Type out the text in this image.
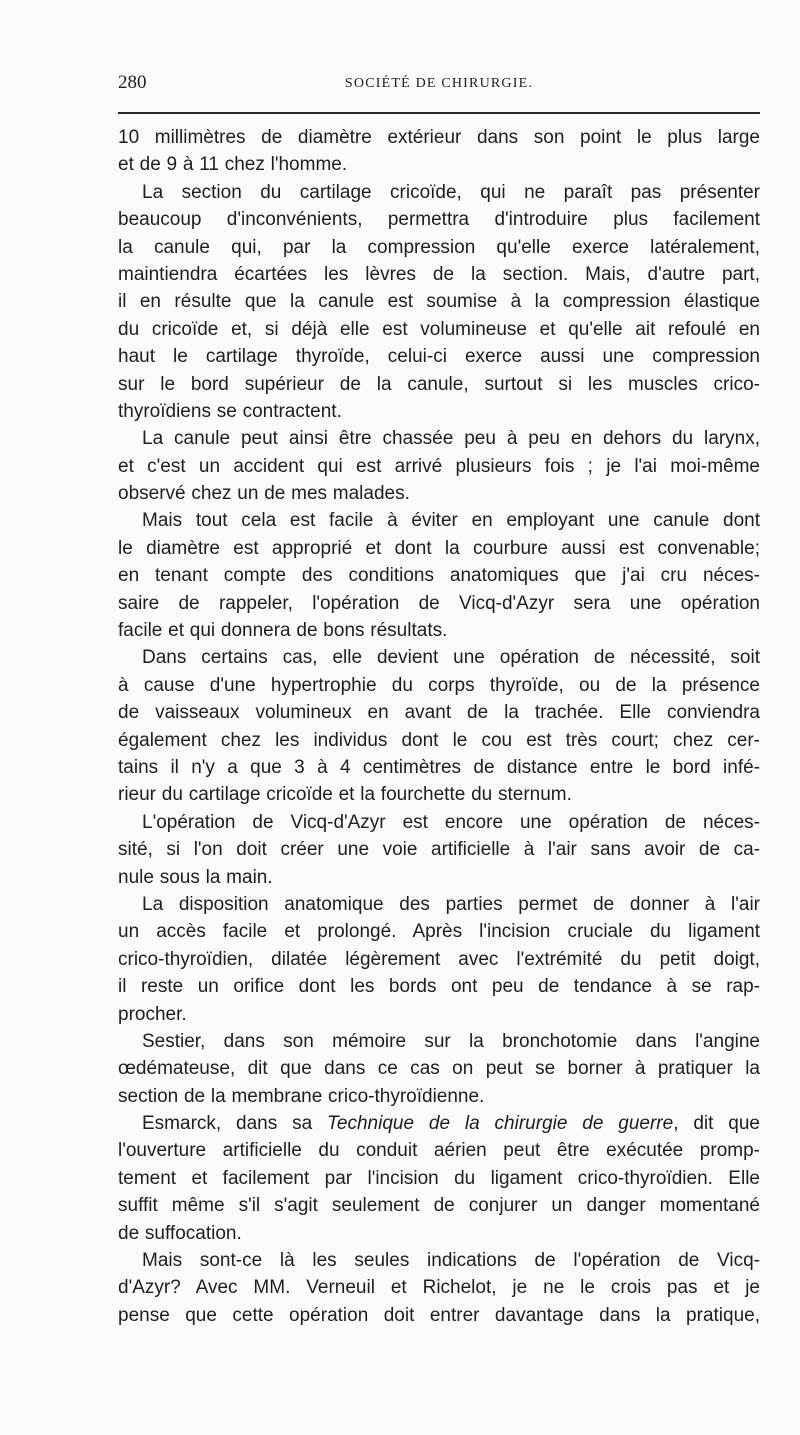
280	SOCIÉTÉ DE CHIRURGIE.
10 millimètres de diamètre extérieur dans son point le plus large
et de 9 à 11 chez l'homme.
La section du cartilage cricoïde, qui ne paraît pas présenter
beaucoup d'inconvénients, permettra d'introduire plus facilement
la canule qui, par la compression qu'elle exerce latéralement,
maintiendra écartées les lèvres de la section. Mais, d'autre part,
il en résulte que la canule est soumise à la compression élastique
du cricoïde et, si déjà elle est volumineuse et qu'elle ait refoulé en
haut le cartilage thyroïde, celui-ci exerce aussi une compression
sur le bord supérieur de la canule, surtout si les muscles crico-
thyroïdiens se contractent.
La canule peut ainsi être chassée peu à peu en dehors du larynx,
et c'est un accident qui est arrivé plusieurs fois ; je l'ai moi-même
observé chez un de mes malades.
Mais tout cela est facile à éviter en employant une canule dont
le diamètre est approprié et dont la courbure aussi est convenable;
en tenant compte des conditions anatomiques que j'ai cru néces-
saire de rappeler, l'opération de Vicq-d'Azyr sera une opération
facile et qui donnera de bons résultats.
Dans certains cas, elle devient une opération de nécessité, soit
à cause d'une hypertrophie du corps thyroïde, ou de la présence
de vaisseaux volumineux en avant de la trachée. Elle conviendra
également chez les individus dont le cou est très court; chez cer-
tains il n'y a que 3 à 4 centimètres de distance entre le bord infé-
rieur du cartilage cricoïde et la fourchette du sternum.
L'opération de Vicq-d'Azyr est encore une opération de néces-
sité, si l'on doit créer une voie artificielle à l'air sans avoir de ca-
nule sous la main.
La disposition anatomique des parties permet de donner à l'air
un accès facile et prolongé. Après l'incision cruciale du ligament
crico-thyroïdien, dilatée légèrement avec l'extrémité du petit doigt,
il reste un orifice dont les bords ont peu de tendance à se rap-
procher.
Sestier, dans son mémoire sur la bronchotomie dans l'angine
œdémateuse, dit que dans ce cas on peut se borner à pratiquer la
section de la membrane crico-thyroïdienne.
Esmarck, dans sa Technique de la chirurgie de guerre, dit que
l'ouverture artificielle du conduit aérien peut être exécutée promp-
tement et facilement par l'incision du ligament crico-thyroïdien. Elle
suffit même s'il s'agit seulement de conjurer un danger momentané
de suffocation.
Mais sont-ce là les seules indications de l'opération de Vicq-
d'Azyr? Avec MM. Verneuil et Richelot, je ne le crois pas et je
pense que cette opération doit entrer davantage dans la pratique,
